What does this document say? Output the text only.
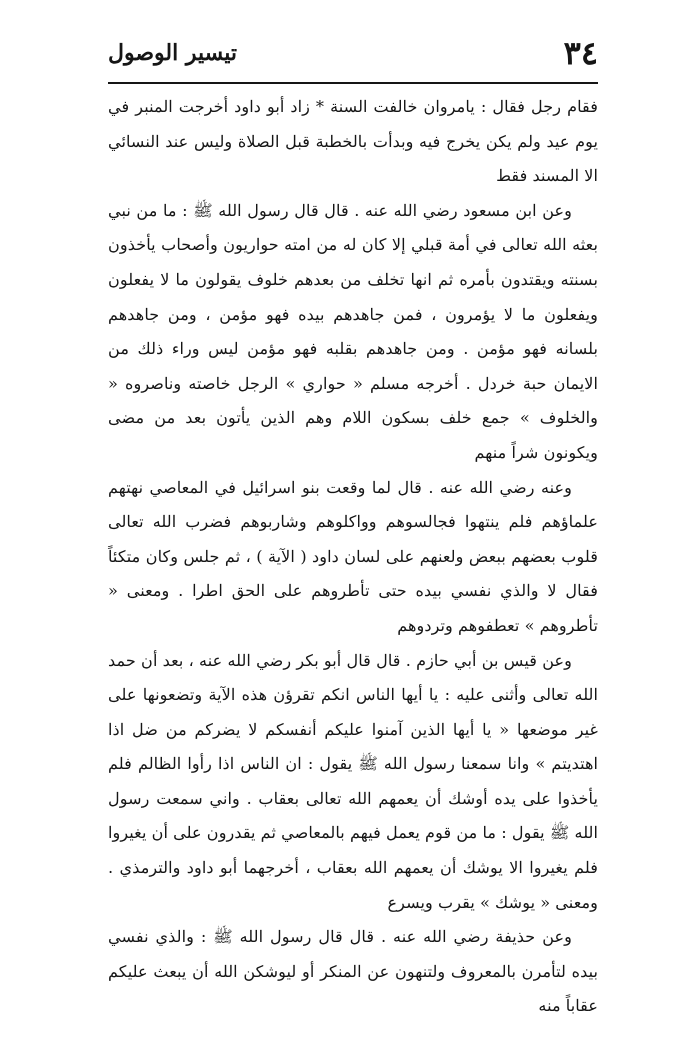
٣٤
تيسير الوصول

فقام رجل فقال : يامروان خالفت السنة * زاد أبو داود أخرجت المنبر في يوم عيد ولم يكن يخرج فيه وبدأت بالخطبة قبل الصلاة وليس عند النسائي الا المسند فقط

وعن ابن مسعود رضي الله عنه . قال قال رسول الله ﷺ : ما من نبي بعثه الله تعالى في أمة قبلي إلا كان له من امته حواريون وأصحاب يأخذون بسنته ويقتدون بأمره ثم انها تخلف من بعدهم خلوف يقولون ما لا يفعلون ويفعلون ما لا يؤمرون ، فمن جاهدهم بيده فهو مؤمن ، ومن جاهدهم بلسانه فهو مؤمن . ومن جاهدهم بقلبه فهو مؤمن ليس وراء ذلك من الايمان حبة خردل . أخرجه مسلم « حواري » الرجل خاصته وناصروه « والخلوف » جمع خلف بسكون اللام وهم الذين يأتون بعد من مضى ويكونون شراً منهم

وعنه رضي الله عنه . قال لما وقعت بنو اسرائيل في المعاصي نهتهم علماؤهم فلم ينتهوا فجالسوهم وواكلوهم وشاربوهم فضرب الله تعالى قلوب بعضهم ببعض ولعنهم على لسان داود ( الآية ) ، ثم جلس وكان متكئاً فقال لا والذي نفسي بيده حتى تأطروهم على الحق اطرا . ومعنى « تأطروهم » تعطفوهم وتردوهم

وعن قيس بن أبي حازم . قال قال أبو بكر رضي الله عنه ، بعد أن حمد الله تعالى وأثنى عليه : يا أيها الناس انكم تقرؤن هذه الآية وتضعونها على غير موضعها « يا أيها الذين آمنوا عليكم أنفسكم لا يضركم من ضل اذا اهتديتم » وانا سمعنا رسول الله ﷺ يقول : ان الناس اذا رأوا الظالم فلم يأخذوا على يده أوشك أن يعمهم الله تعالى بعقاب . واني سمعت رسول الله ﷺ يقول : ما من قوم يعمل فيهم بالمعاصي ثم يقدرون على أن يغيروا فلم يغيروا الا يوشك أن يعمهم الله بعقاب ، أخرجهما أبو داود والترمذي . ومعنى « يوشك » يقرب ويسرع

وعن حذيفة رضي الله عنه . قال قال رسول الله ﷺ : والذي نفسي بيده لتأمرن بالمعروف ولتنهون عن المنكر أو ليوشكن الله أن يبعث عليكم عقاباً منه
